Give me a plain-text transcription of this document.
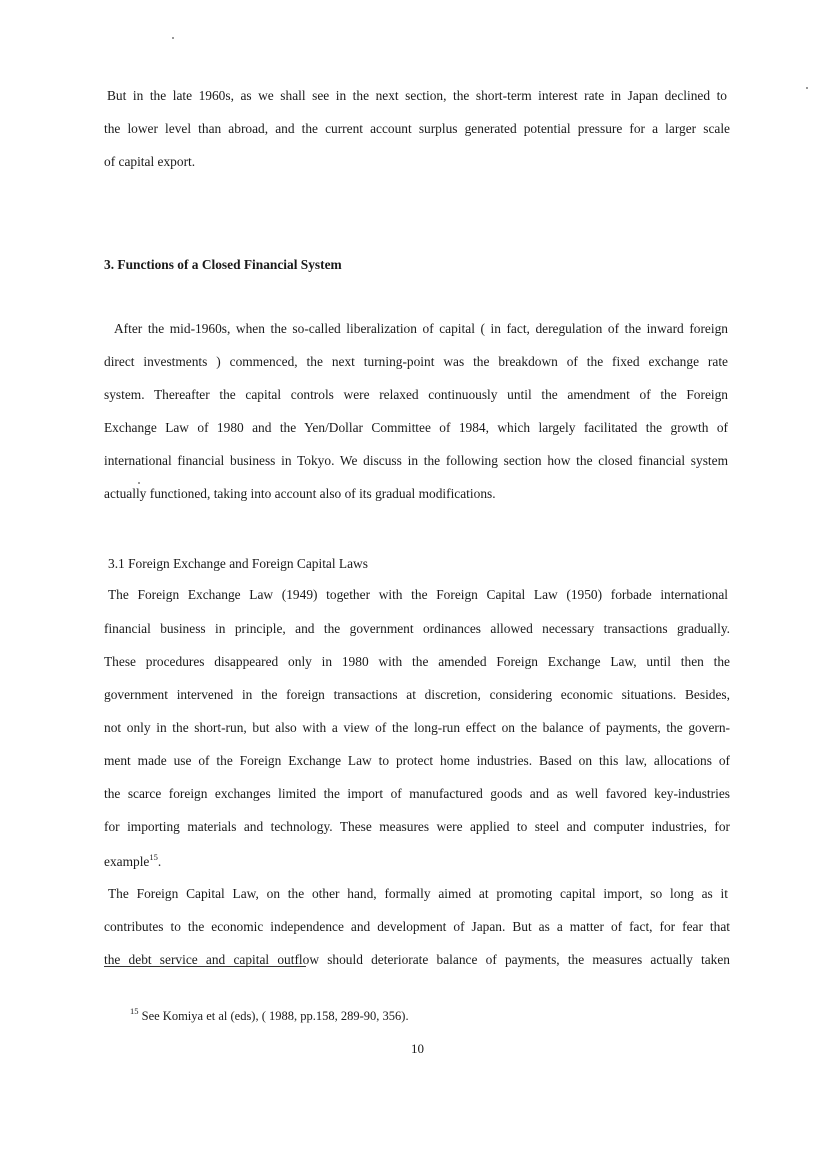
But in the late 1960s, as we shall see in the next section, the short-term interest rate in Japan declined to
the lower level than abroad, and the current account surplus generated potential pressure for a larger scale
of capital export.
3. Functions of a Closed Financial System
After the mid-1960s, when the so-called liberalization of capital ( in fact, deregulation of the inward foreign
direct investments ) commenced, the next turning-point was the breakdown of the fixed exchange rate
system. Thereafter the capital controls were relaxed continuously until the amendment of the Foreign
Exchange Law of 1980 and the Yen/Dollar Committee of 1984, which largely facilitated the growth of
international financial business in Tokyo. We discuss in the following section how the closed financial system
actually functioned, taking into account also of its gradual modifications.
3.1 Foreign Exchange and Foreign Capital Laws
The Foreign Exchange Law (1949) together with the Foreign Capital Law (1950) forbade international
financial business in principle, and the government ordinances allowed necessary transactions gradually.
These procedures disappeared only in 1980 with the amended Foreign Exchange Law, until then the
government intervened in the foreign transactions at discretion, considering economic situations. Besides,
not only in the short-run, but also with a view of the long-run effect on the balance of payments, the govern-
ment made use of the Foreign Exchange Law to protect home industries. Based on this law, allocations of
the scarce foreign exchanges limited the import of manufactured goods and as well favored key-industries
for importing materials and technology. These measures were applied to steel and computer industries, for
example$^{15}$.
The Foreign Capital Law, on the other hand, formally aimed at promoting capital import, so long as it
contributes to the economic independence and development of Japan. But as a matter of fact, for fear that
the debt service and capital outflow should deteriorate balance of payments, the measures actually taken
$^{15}$ See Komiya et al (eds), ( 1988, pp.158, 289-90, 356).
10
